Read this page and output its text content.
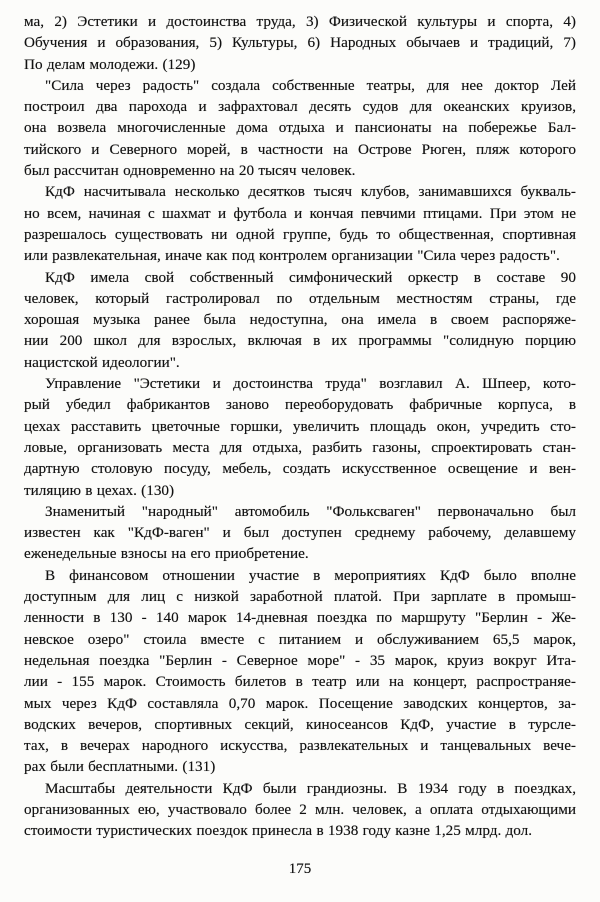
ма, 2) Эстетики и достоинства труда, 3) Физической культуры и спорта, 4)
Обучения и образования, 5) Культуры, 6) Народных обычаев и традиций, 7)
По делам молодежи. (129)
"Сила через радость" создала собственные театры, для нее доктор Лей
построил два парохода и зафрахтовал десять судов для океанских круизов,
она возвела многочисленные дома отдыха и пансионаты на побережье Бал-
тийского и Северного морей, в частности на Острове Рюген, пляж которого
был рассчитан одновременно на 20 тысяч человек.
КдФ насчитывала несколько десятков тысяч клубов, занимавшихся букваль-
но всем, начиная с шахмат и футбола и кончая певчими птицами. При этом не
разрешалось существовать ни одной группе, будь то общественная, спортивная
или развлекательная, иначе как под контролем организации "Сила через радость".
КдФ имела свой собственный симфонический оркестр в составе 90
человек, который гастролировал по отдельным местностям страны, где
хорошая музыка ранее была недоступна, она имела в своем распоряже-
нии 200 школ для взрослых, включая в их программы "солидную порцию
нацистской идеологии".
Управление "Эстетики и достоинства труда" возглавил А. Шпеер, кото-
рый убедил фабрикантов заново переоборудовать фабричные корпуса, в
цехах расставить цветочные горшки, увеличить площадь окон, учредить сто-
ловые, организовать места для отдыха, разбить газоны, спроектировать стан-
дартную столовую посуду, мебель, создать искусственное освещение и вен-
тиляцию в цехах. (130)
Знаменитый "народный" автомобиль "Фольксваген" первоначально был
известен как "КдФ-ваген" и был доступен среднему рабочему, делавшему
еженедельные взносы на его приобретение.
В финансовом отношении участие в мероприятиях КдФ было вполне
доступным для лиц с низкой заработной платой. При зарплате в промыш-
ленности в 130 - 140 марок 14-дневная поездка по маршруту "Берлин - Же-
невское озеро" стоила вместе с питанием и обслуживанием 65,5 марок,
недельная поездка "Берлин - Северное море" - 35 марок, круиз вокруг Ита-
лии - 155 марок. Стоимость билетов в театр или на концерт, распространяе-
мых через КдФ составляла 0,70 марок. Посещение заводских концертов, за-
водских вечеров, спортивных секций, киносеансов КдФ, участие в турсле-
тах, в вечерах народного искусства, развлекательных и танцевальных вече-
рах были бесплатными. (131)
Масштабы деятельности КдФ были грандиозны. В 1934 году в поездках,
организованных ею, участвовало более 2 млн. человек, а оплата отдыхающими
стоимости туристических поездок принесла в 1938 году казне 1,25 млрд. дол.
175
